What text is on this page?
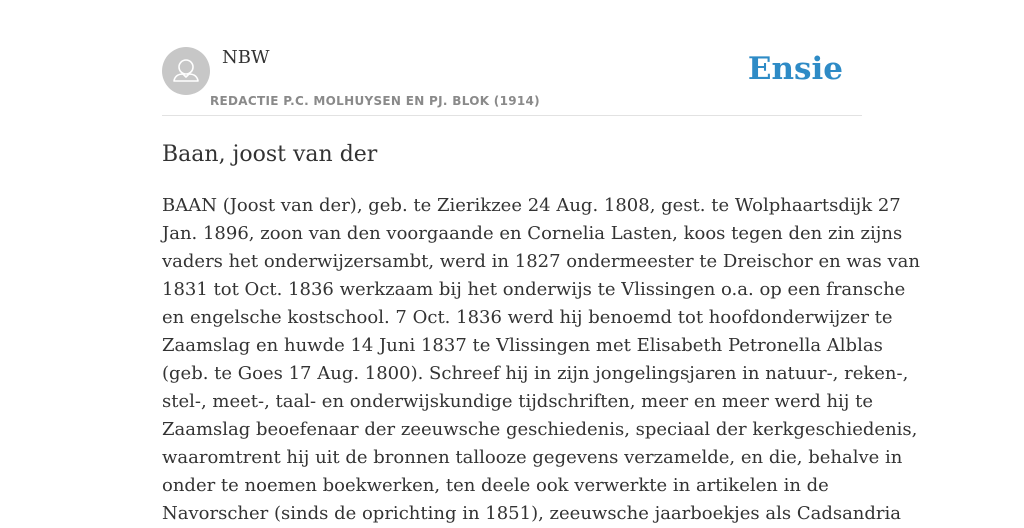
NBW
REDACTIE P.C. MOLHUYSEN EN PJ. BLOK (1914)
Ensie
Baan, joost van der
BAAN (Joost van der), geb. te Zierikzee 24 Aug. 1808, gest. te Wolphaartsdijk 27
Jan. 1896, zoon van den voorgaande en Cornelia Lasten, koos tegen den zin zijns
vaders het onderwijzersambt, werd in 1827 ondermeester te Dreischor en was van
1831 tot Oct. 1836 werkzaam bij het onderwijs te Vlissingen o.a. op een fransche
en engelsche kostschool. 7 Oct. 1836 werd hij benoemd tot hoofdonderwijzer te
Zaamslag en huwde 14 Juni 1837 te Vlissingen met Elisabeth Petronella Alblas
(geb. te Goes 17 Aug. 1800). Schreef hij in zijn jongelingsjaren in natuur-, reken-,
stel-, meet-, taal- en onderwijskundige tijdschriften, meer en meer werd hij te
Zaamslag beoefenaar der zeeuwsche geschiedenis, speciaal der kerkgeschiedenis,
waaromtrent hij uit de bronnen tallooze gegevens verzamelde, en die, behalve in
onder te noemen boekwerken, ten deele ook verwerkte in artikelen in de
Navorscher (sinds de oprichting in 1851), zeeuwsche jaarboekjes als Cadsandria
